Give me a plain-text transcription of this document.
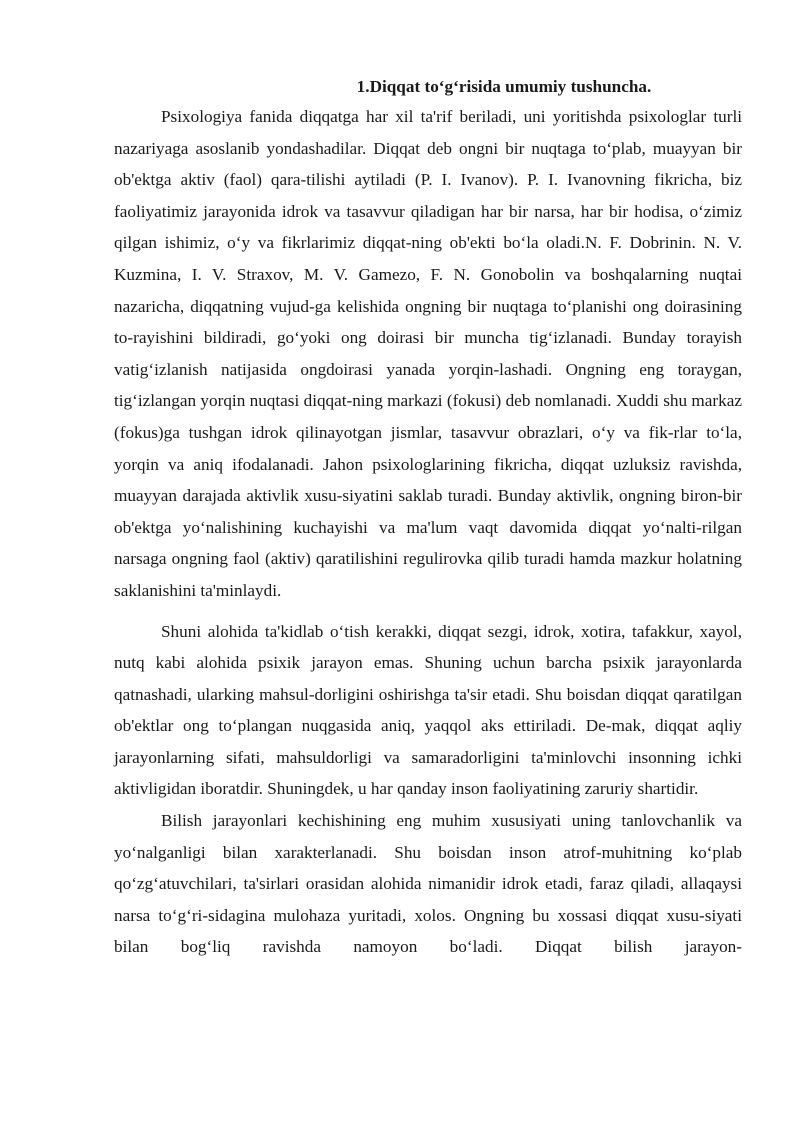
1.Diqqat to‘g‘risida umumiy tushuncha.

Psixologiya fanida diqqatga har xil ta'rif beriladi, uni yoritishda psixologlar turli nazariyaga asoslanib yondashadilar. Diqqat deb ongni bir nuqtaga to‘plab, muayyan bir ob'ektga aktiv (faol) qara-tilishi aytiladi (P. I. Ivanov). P. I. Ivanovning fikricha, biz faoliyatimiz jarayonida idrok va tasavvur qiladigan har bir narsa, har bir hodisa, o‘zimiz qilgan ishimiz, o‘y va fikrlarimiz diqqat-ning ob'ekti bo‘la oladi.N. F. Dobrinin. N. V. Kuzmina, I. V. Straxov, M. V. Gamezo, F. N. Gonobolin va boshqalarning nuqtai nazaricha, diqqatning vujud-ga kelishida ongning bir nuqtaga to‘planishi ong doirasining to-rayishini bildiradi, go‘yoki ong doirasi bir muncha tig‘izlanadi. Bunday torayish vatig‘izlanish natijasida ongdoirasi yanada yorqin-lashadi. Ongning eng toraygan, tig‘izlangan yorqin nuqtasi diqqat-ning markazi (fokusi) deb nomlanadi. Xuddi shu markaz (fokus)ga tushgan idrok qilinayotgan jismlar, tasavvur obrazlari, o‘y va fik-rlar to‘la, yorqin va aniq ifodalanadi. Jahon psixologlarining fikricha, diqqat uzluksiz ravishda, muayyan darajada aktivlik xusu-siyatini saklab turadi. Bunday aktivlik, ongning biron-bir ob'ektga yo‘nalishining kuchayishi va ma'lum vaqt davomida diqqat yo‘nalti-rilgan narsaga ongning faol (aktiv) qaratilishini regulirovka qilib turadi hamda mazkur holatning saklanishini ta'minlaydi.

Shuni alohida ta'kidlab o‘tish kerakki, diqqat sezgi, idrok, xotira, tafakkur, xayol, nutq kabi alohida psixik jarayon emas. Shuning uchun barcha psixik jarayonlarda qatnashadi, ularking mahsul-dorligini oshirishga ta'sir etadi. Shu boisdan diqqat qaratilgan ob'ektlar ong to‘plangan nuqgasida aniq, yaqqol aks ettiriladi. De-mak, diqqat aqliy jarayonlarning sifati, mahsuldorligi va samaradorligini ta'minlovchi insonning ichki aktivligidan iboratdir. Shuningdek, u har qanday inson faoliyatining zaruriy shartidir.

Bilish jarayonlari kechishining eng muhim xususiyati uning tanlovchanlik va yo‘nalganligi bilan xarakterlanadi. Shu boisdan inson atrof-muhitning ko‘plab qo‘zg‘atuvchilari, ta'sirlari orasidan alohida nimanidir idrok etadi, faraz qiladi, allaqaysi narsa to‘g‘ri-sidagina mulohaza yuritadi, xolos. Ongning bu xossasi diqqat xusu-siyati bilan bog‘liq ravishda namoyon bo‘ladi. Diqqat bilish jarayon-
